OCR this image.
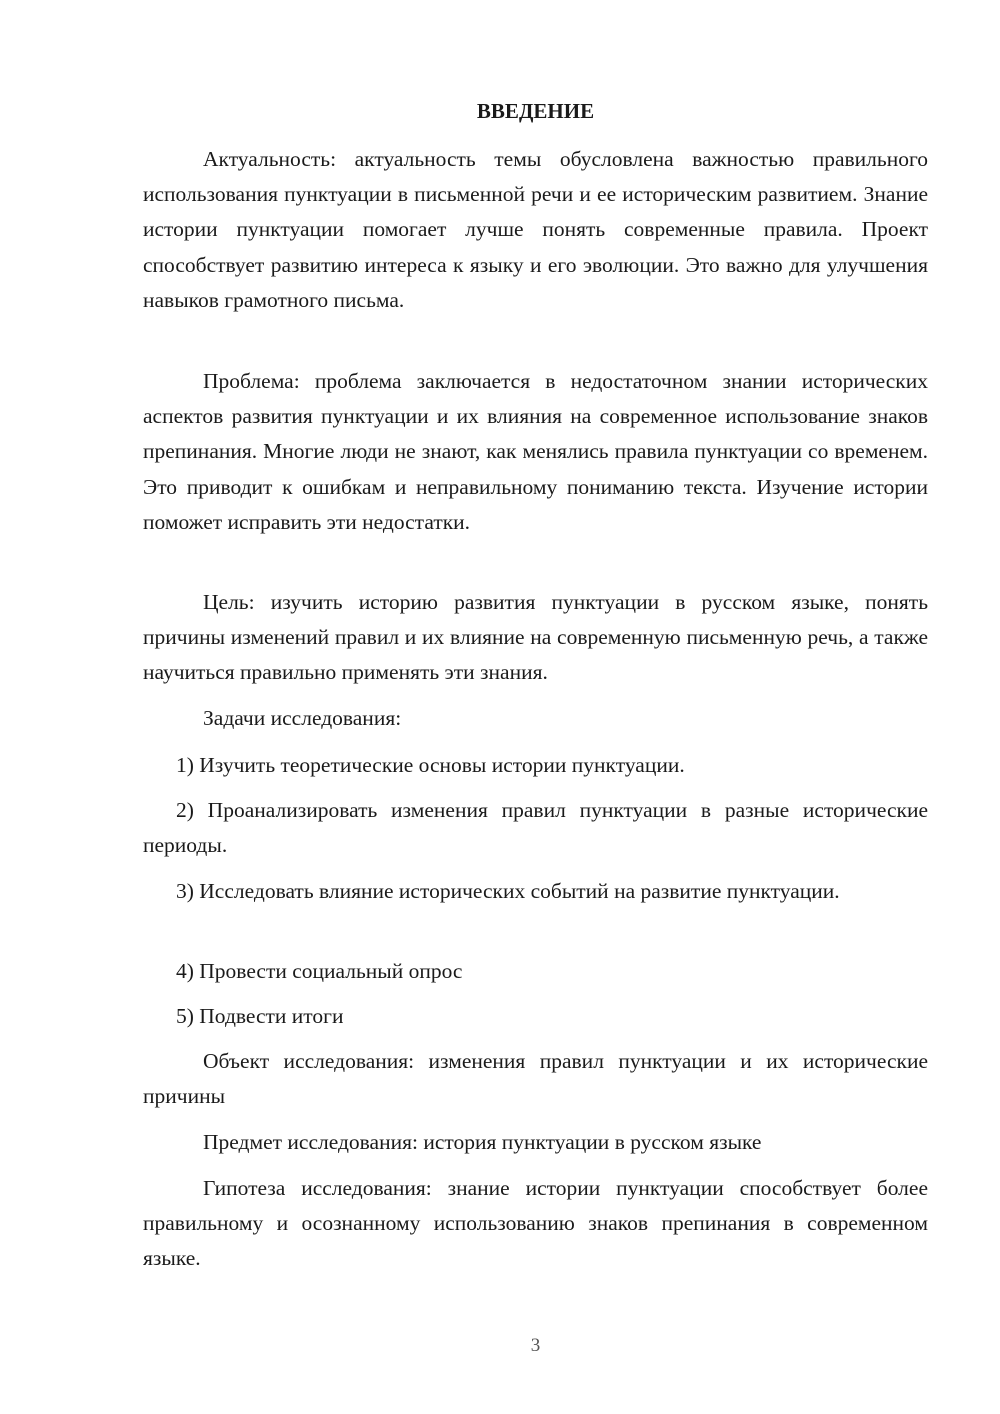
ВВЕДЕНИЕ

Актуальность: актуальность темы обусловлена важностью правильного использования пунктуации в письменной речи и ее историческим развитием. Знание истории пунктуации помогает лучше понять современные правила. Проект способствует развитию интереса к языку и его эволюции. Это важно для улучшения навыков грамотного письма.

Проблема: проблема заключается в недостаточном знании исторических аспектов развития пунктуации и их влияния на современное использование знаков препинания. Многие люди не знают, как менялись правила пунктуации со временем. Это приводит к ошибкам и неправильному пониманию текста. Изучение истории поможет исправить эти недостатки.

Цель: изучить историю развития пунктуации в русском языке, понять причины изменений правил и их влияние на современную письменную речь, а также научиться правильно применять эти знания.

Задачи исследования:

1) Изучить теоретические основы истории пунктуации.

2) Проанализировать изменения правил пунктуации в разные исторические периоды.

3) Исследовать влияние исторических событий на развитие пунктуации.

4) Провести социальный опрос

5) Подвести итоги

Объект исследования: изменения правил пунктуации и их исторические причины

Предмет исследования: история пунктуации в русском языке

Гипотеза исследования: знание истории пунктуации способствует более правильному и осознанному использованию знаков препинания в современном языке.

3
